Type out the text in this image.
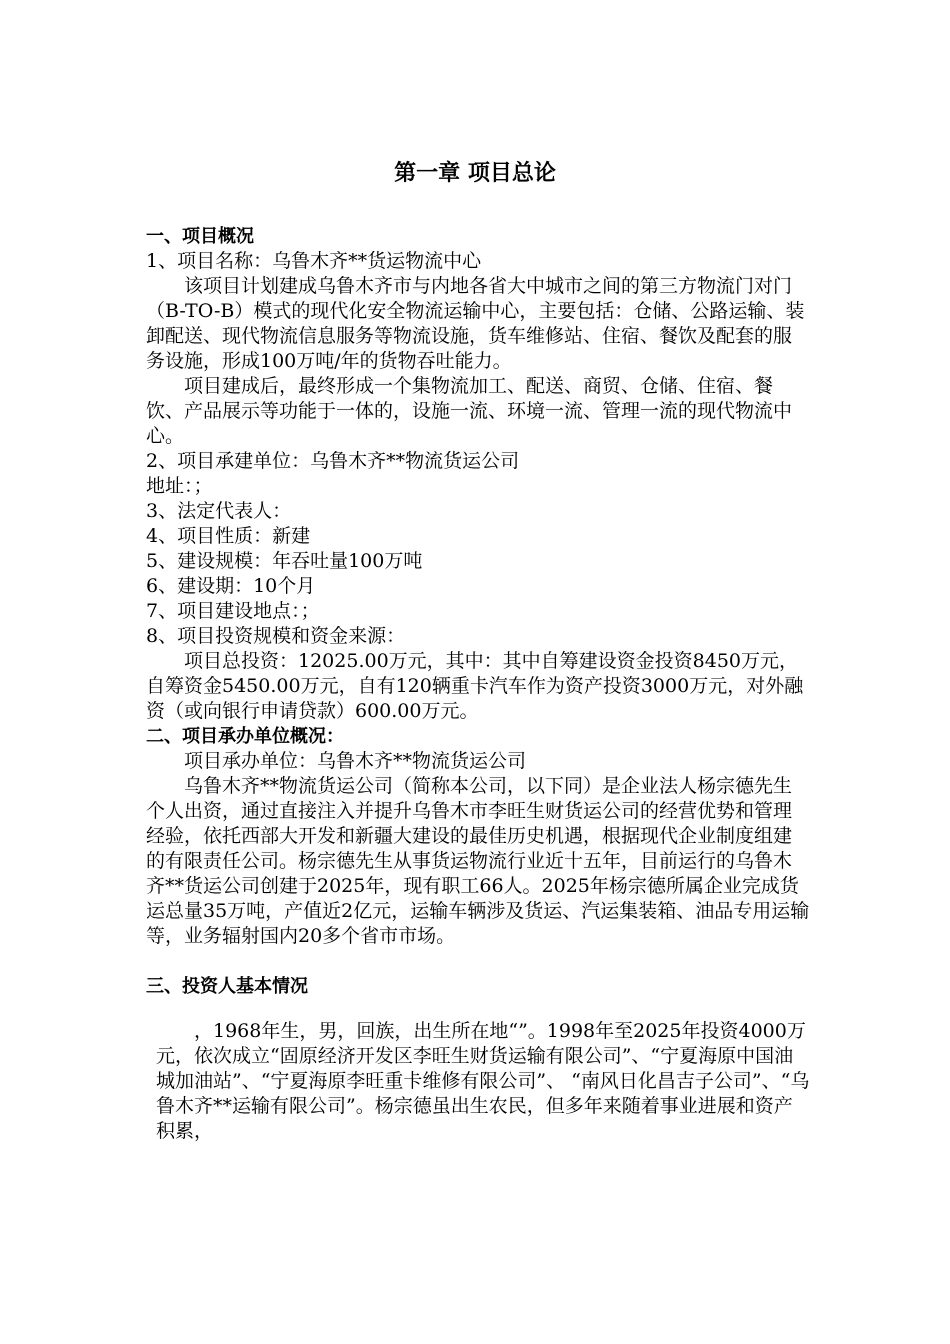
第一章 项目总论

一、项目概况

1、项目名称：乌鲁木齐**货运物流中心

该项目计划建成乌鲁木齐市与内地各省大中城市之间的第三方物流门对门（B-TO-B）模式的现代化安全物流运输中心，主要包括：仓储、公路运输、装卸配送、现代物流信息服务等物流设施，货车维修站、住宿、餐饮及配套的服务设施，形成100万吨/年的货物吞吐能力。

项目建成后，最终形成一个集物流加工、配送、商贸、仓储、住宿、餐饮、产品展示等功能于一体的，设施一流、环境一流、管理一流的现代物流中心。

2、项目承建单位：乌鲁木齐**物流货运公司

地址：；

3、法定代表人：

4、项目性质：新建

5、建设规模：年吞吐量100万吨

6、建设期：10个月

7、项目建设地点：；

8、项目投资规模和资金来源：

项目总投资：12025.00万元，其中：其中自筹建设资金投资8450万元，自筹资金5450.00万元，自有120辆重卡汽车作为资产投资3000万元，对外融资（或向银行申请贷款）600.00万元。

二、项目承办单位概况：

项目承办单位：乌鲁木齐**物流货运公司

乌鲁木齐**物流货运公司（简称本公司，以下同）是企业法人杨宗德先生个人出资，通过直接注入并提升乌鲁木市李旺生财货运公司的经营优势和管理经验，依托西部大开发和新疆大建设的最佳历史机遇，根据现代企业制度组建的有限责任公司。杨宗德先生从事货运物流行业近十五年，目前运行的乌鲁木齐**货运公司创建于2025年，现有职工66人。2025年杨宗德所属企业完成货运总量35万吨，产值近2亿元，运输车辆涉及货运、汽运集装箱、油品专用运输等，业务辐射国内20多个省市市场。

三、投资人基本情况

，1968年生，男，回族，出生所在地“”。1998年至2025年投资4000万元，依次成立“固原经济开发区李旺生财货运输有限公司”、“宁夏海原中国油城加油站”、“宁夏海原李旺重卡维修有限公司”、 “南风日化昌吉子公司”、“乌鲁木齐**运输有限公司”。杨宗德虽出生农民，但多年来随着事业进展和资产积累，
